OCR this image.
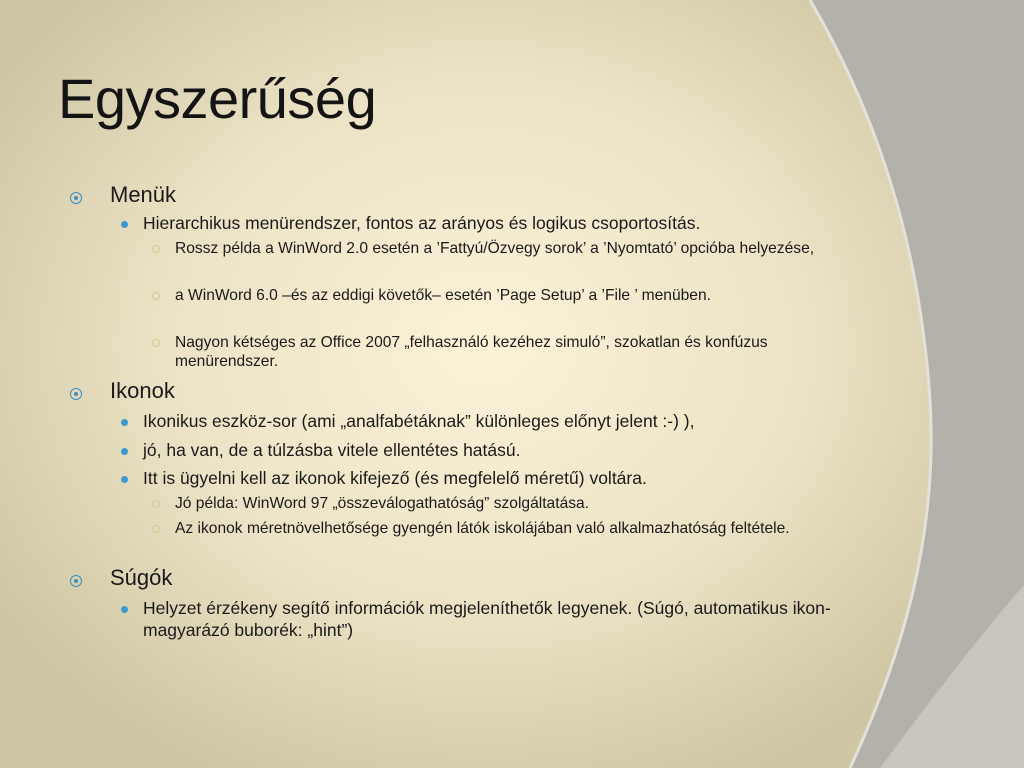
Egyszerűség
Menük
Hierarchikus menürendszer, fontos az arányos és logikus csoportosítás.
Rossz példa a WinWord 2.0 esetén a ’Fattyú/Özvegy sorok’ a ’Nyomtató’ opcióba helyezése,
a WinWord 6.0 –és az eddigi követők– esetén ’Page Setup’ a ’File ’ menüben.
Nagyon kétséges az Office 2007 „felhasználó kezéhez simuló”, szokatlan és konfúzus menürendszer.
Ikonok
Ikonikus eszköz-sor (ami „analfabétáknak” különleges előnyt jelent :-) ),
jó, ha van, de a túlzásba vitele ellentétes hatású.
Itt is ügyelni kell az ikonok kifejező (és megfelelő méretű) voltára.
Jó példa: WinWord 97 „összeválogathatóság” szolgáltatása.
Az ikonok méretnövelhetősége gyengén látók iskolájában való alkalmazhatóság feltétele.
Súgók
Helyzet érzékeny segítő információk megjeleníthetők legyenek. (Súgó, automatikus ikon-magyarázó buborék: „hint”)
